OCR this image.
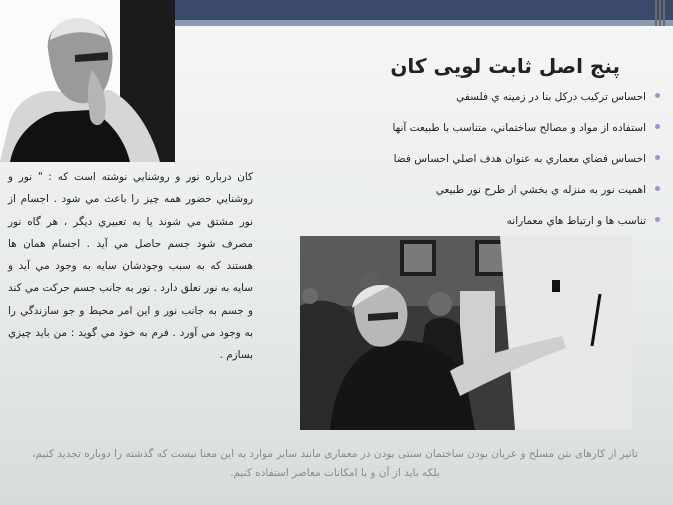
پنج اصل ثابت لویی کان
احساس تركيب دركل بنا در زمينه ي فلسفي
استفاده از مواد و مصالح ساختماني، متناسب با طبيعت آنها
احساس فضاي معماري به عنوان هدف اصلي احساس فضا
اهميت نور به منزله ي بخشي از طرح نور طبيعي
تناسب ها و ارتباط هاي معمارانه
كان درباره نور و روشنايي نوشته است كه : " نور و روشنايي حضور همه چيز را باعث مي شود . اجسام از نور مشتق مي شوند يا به تعبيري ديگر ، هر گاه نور مصرف شود جسم حاصل مي آيد . اجسام همان ها هستند كه به سبب وجودشان سايه به وجود مي آيد و سايه به نور تعلق دارد . نور به جانب جسم حركت مي كند و جسم به جانب نور و اين امر محيط و جو سازندگي را به وجود مي آورد . فرم به خود مي گويد : من بايد چيزي بسازم .
تاثیر از کارهای بتن مسلح و عریان بودن ساختمان سنتی بودن در معماری مانند سایر موارد به این معنا نیست که گذشته را دوباره تجدید کنیم، بلکه باید از آن و با امکانات معاصر استفاده کنیم.
